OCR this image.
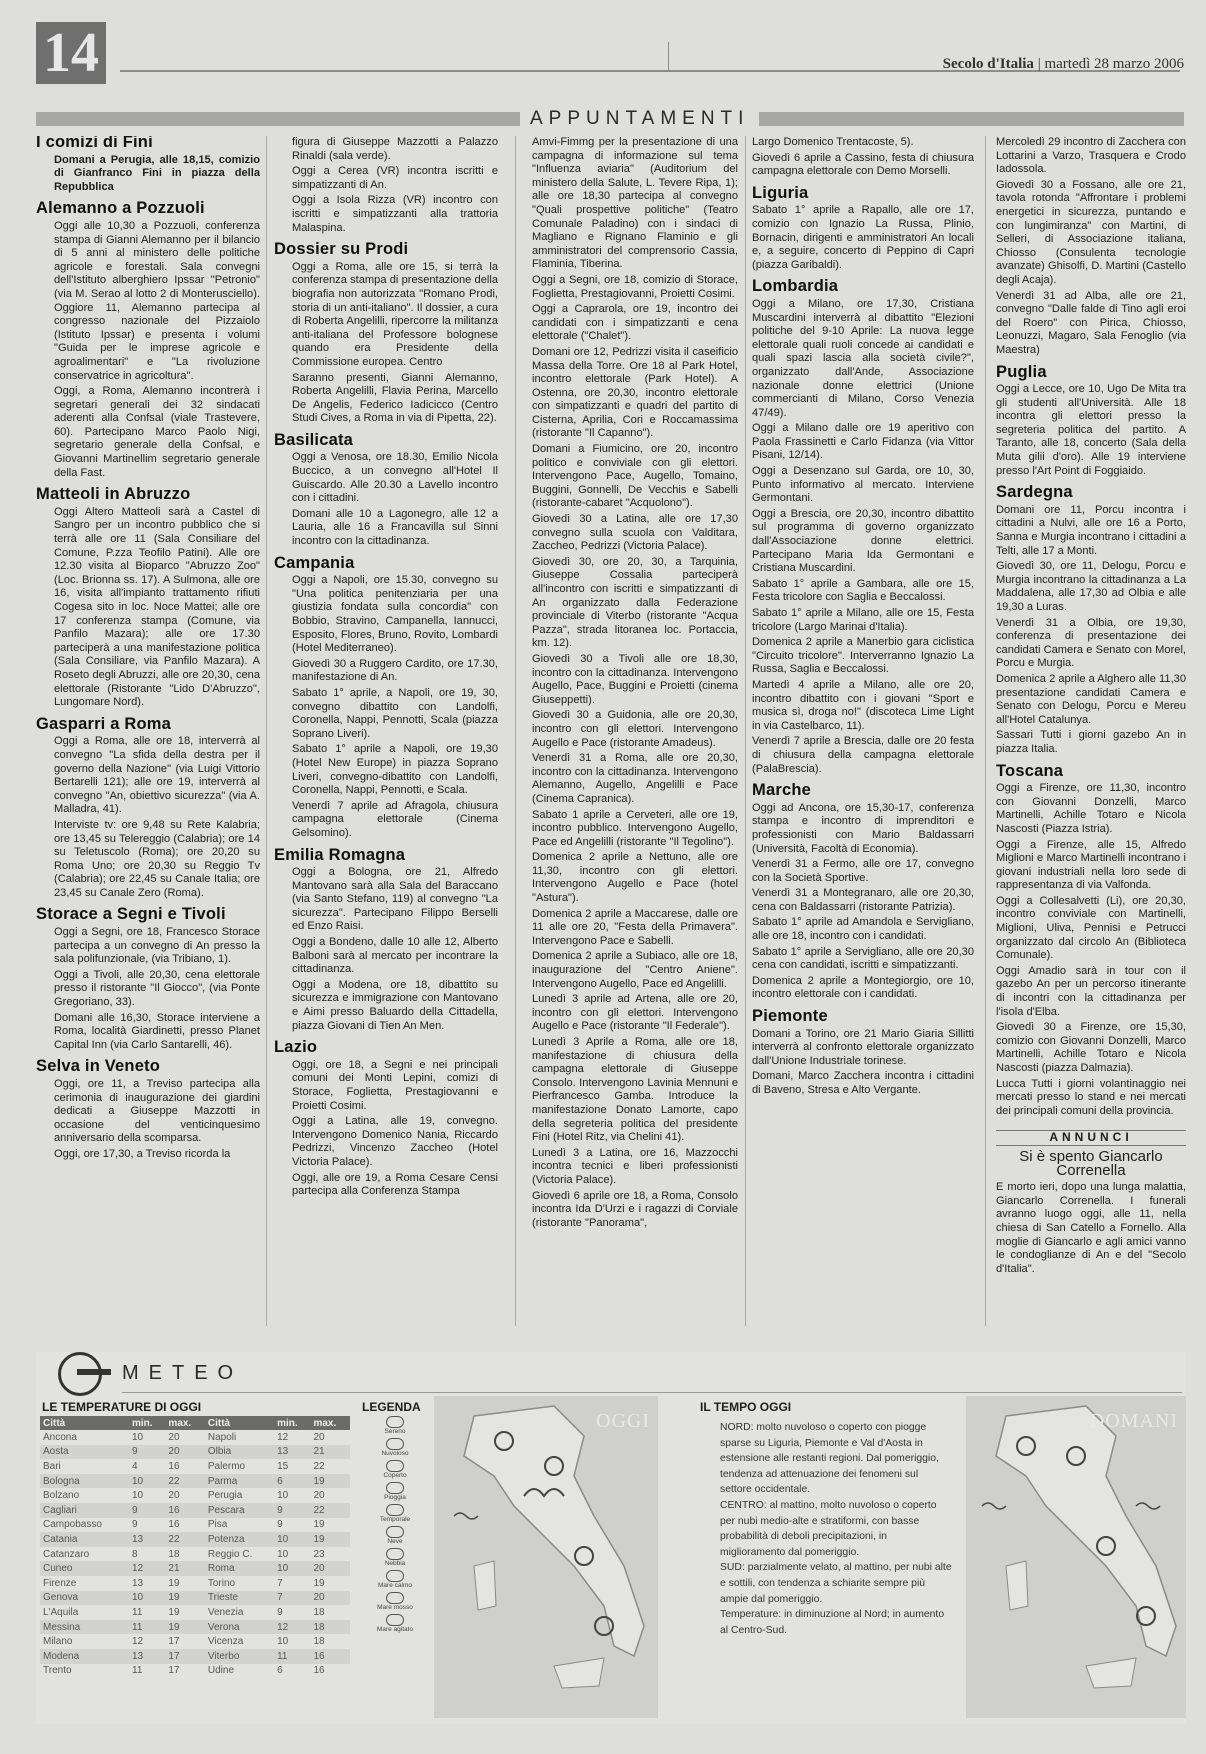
14	Secolo d'Italia | martedì 28 marzo 2006
APPUNTAMENTI
I comizi di Fini

Domani a Perugia, alle 18,15, comizio di Gianfranco Fini in piazza della Repubblica

Alemanno a Pozzuoli

Oggi alle 10,30 a Pozzuoli, conferenza stampa di Gianni Alemanno per il bilancio di 5 anni al ministero delle politiche agricole e forestali. Sala convegni dell'Istituto alberghiero Ipssar "Petronio" (via M. Serao al lotto 2 di Monterusciello). Oggiore 11, Alemanno partecipa al congresso nazionale del Pizzaiolo (Istituto Ipssar) e presenta i volumi "Guida per le imprese agricole e agroalimentari" e "La rivoluzione conservatrice in agricoltura".

Oggi, a Roma, Alemanno incontrerà i segretari generali dei 32 sindacati aderenti alla Confsal (viale Trastevere, 60). Partecipano Marco Paolo Nigi, segretario generale della Confsal, e Giovanni Martinellim segretario generale della Fast.

Matteoli in Abruzzo

Oggi Altero Matteoli sarà a Castel di Sangro per un incontro pubblico che si terrà alle ore 11 (Sala Consiliare del Comune, P.zza Teofilo Patini). Alle ore 12.30 visita al Bioparco "Abruzzo Zoo" (Loc. Brionna ss. 17). A Sulmona, alle ore 16, visita all'impianto trattamento rifiuti Cogesa sito in loc. Noce Mattei; alle ore 17 conferenza stampa (Comune, via Panfilo Mazara); alle ore 17.30 parteciperà a una manifestazione politica (Sala Consiliare, via Panfilo Mazara). A Roseto degli Abruzzi, alle ore 20,30, cena elettorale (Ristorante "Lido D'Abruzzo", Lungomare Nord).

Gasparri a Roma

Oggi a Roma, alle ore 18, interverrà al convegno "La sfida della destra per il governo della Nazione" (via Luigi Vittorio Bertarelli 121); alle ore 19, interverrà al convegno "An, obiettivo sicurezza" (via A. Malladra, 41).

Interviste tv: ore 9,48 su Rete Kalabria; ore 13,45 su Telereggio (Calabria); ore 14 su Teletuscolo (Roma); ore 20,20 su Roma Uno; ore 20,30 su Reggio Tv (Calabria); ore 22,45 su Canale Italia; ore 23,45 su Canale Zero (Roma).

Storace a Segni e Tivoli

Oggi a Segni, ore 18, Francesco Storace partecipa a un convegno di An presso la sala polifunzionale, (via Tribiano, 1).

Oggi a Tivoli, alle 20,30, cena elettorale presso il ristorante "Il Giocco", (via Ponte Gregoriano, 33).

Domani alle 16,30, Storace interviene a Roma, località Giardinetti, presso Planet Capital Inn (via Carlo Santarelli, 46).

Selva in Veneto

Oggi, ore 11, a Treviso partecipa alla cerimonia di inaugurazione dei giardini dedicati a Giuseppe Mazzotti in occasione del venticinquesimo anniversario della scomparsa.

Oggi, ore 17,30, a Treviso ricorda la

figura di Giuseppe Mazzotti a Palazzo Rinaldi (sala verde).

Oggi a Cerea (VR) incontra iscritti e simpatizzanti di An.

Oggi a Isola Rizza (VR) incontro con iscritti e simpatizzanti alla trattoria Malaspina.

Dossier su Prodi

Oggi a Roma, alle ore 15, si terrà la conferenza stampa di presentazione della biografia non autorizzata "Romano Prodi, storia di un anti-italiano". Il dossier, a cura di Roberta Angelilli, ripercorre la militanza anti-italiana del Professore bolognese quando era Presidente della Commissione europea. Centro

Saranno presenti, Gianni Alemanno, Roberta Angelilli, Flavia Perina, Marcello De Angelis, Federico Iadicicco (Centro Studi Cives, a Roma in via di Pipetta, 22).

Basilicata

Oggi a Venosa, ore 18.30, Emilio Nicola Buccico, a un convegno all'Hotel Il Guiscardo. Alle 20.30 a Lavello incontro con i cittadini.

Domani alle 10 a Lagonegro, alle 12 a Lauria, alle 16 a Francavilla sul Sinni incontro con la cittadinanza.

Campania

Oggi a Napoli, ore 15.30, convegno su "Una politica penitenziaria per una giustizia fondata sulla concordia" con Bobbio, Stravino, Campanella, Iannucci, Esposito, Flores, Bruno, Rovito, Lombardi (Hotel Mediterraneo).

Giovedì 30 a Ruggero Cardito, ore 17.30, manifestazione di An.

Sabato 1° aprile, a Napoli, ore 19, 30, convegno dibattito con Landolfi, Coronella, Nappi, Pennotti, Scala (piazza Soprano Liveri).

Sabato 1° aprile a Napoli, ore 19,30 (Hotel New Europe) in piazza Soprano Liveri, convegno-dibattito con Landolfi, Coronella, Nappi, Pennotti, e Scala.

Venerdì 7 aprile ad Afragola, chiusura campagna elettorale (Cinema Gelsomino).

Emilia Romagna

Oggi a Bologna, ore 21, Alfredo Mantovano sarà alla Sala del Baraccano (via Santo Stefano, 119) al convegno "La sicurezza". Partecipano Filippo Berselli ed Enzo Raisi.

Oggi a Bondeno, dalle 10 alle 12, Alberto Balboni sarà al mercato per incontrare la cittadinanza.

Oggi a Modena, ore 18, dibattito su sicurezza e immigrazione con Mantovano e Aimi presso Baluardo della Cittadella, piazza Giovani di Tien An Men.

Lazio

Oggi, ore 18, a Segni e nei principali comuni dei Monti Lepini, comizi di Storace, Foglietta, Prestagiovanni e Proietti Cosimi.

Oggi a Latina, alle 19, convegno. Intervengono Domenico Nania, Riccardo Pedrizzi, Vincenzo Zaccheo (Hotel Victoria Palace).

Oggi, alle ore 19, a Roma Cesare Censi partecipa alla Conferenza Stampa

Amvi-Fimmg per la presentazione di una campagna di informazione sul tema "Influenza aviaria" (Auditorium del ministero della Salute, L. Tevere Ripa, 1); alle ore 18,30 partecipa al convegno "Quali prospettive politiche" (Teatro Comunale Paladino) con i sindaci di Magliano e Rignano Flaminio e gli amministratori del comprensorio Cassia, Flaminia, Tiberina.

Oggi a Segni, ore 18, comizio di Storace, Foglietta, Prestagiovanni, Proietti Cosimi.

Oggi a Caprarola, ore 19, incontro dei candidati con i simpatizzanti e cena elettorale ("Chalet").

Domani ore 12, Pedrizzi visita il caseificio Massa della Torre. Ore 18 al Park Hotel, incontro elettorale (Park Hotel). A Ostenna, ore 20,30, incontro elettorale con simpatizzanti e quadri del partito di Cisterna, Aprilia, Cori e Roccamassima (ristorante "Il Capanno").

Domani a Fiumicino, ore 20, incontro politico e conviviale con gli elettori. Intervengono Pace, Augello, Tomaino, Buggini, Gonnelli, De Vecchis e Sabelli (ristorante-cabaret "Acquolono").

Giovedì 30 a Latina, alle ore 17,30 convegno sulla scuola con Valditara, Zaccheo, Pedrizzi (Victoria Palace).

Giovedì 30, ore 20, 30, a Tarquinia, Giuseppe Cossalia parteciperà all'incontro con iscritti e simpatizzanti di An organizzato dalla Federazione provinciale di Viterbo (ristorante "Acqua Pazza", strada litoranea loc. Portaccia, km. 12).

Giovedì 30 a Tivoli alle ore 18,30, incontro con la cittadinanza. Intervengono Augello, Pace, Buggini e Proietti (cinema Giuseppetti).

Giovedì 30 a Guidonia, alle ore 20,30, incontro con gli elettori. Intervengono Augello e Pace (ristorante Amadeus).

Venerdì 31 a Roma, alle ore 20,30, incontro con la cittadinanza. Intervengono Alemanno, Augello, Angelilli e Pace (Cinema Capranica).

Sabato 1 aprile a Cerveteri, alle ore 19, incontro pubblico. Intervengono Augello, Pace ed Angelilli (ristorante "Il Tegolino").

Domenica 2 aprile a Nettuno, alle ore 11,30, incontro con gli elettori. Intervengono Augello e Pace (hotel "Astura").

Domenica 2 aprile a Maccarese, dalle ore 11 alle ore 20, "Festa della Primavera". Intervengono Pace e Sabelli.

Domenica 2 aprile a Subiaco, alle ore 18, inaugurazione del "Centro Aniene". Intervengono Augello, Pace ed Angelilli.

Lunedì 3 aprile ad Artena, alle ore 20, incontro con gli elettori. Intervengono Augello e Pace (ristorante "Il Federale").

Lunedì 3 Aprile a Roma, alle ore 18, manifestazione di chiusura della campagna elettorale di Giuseppe Consolo. Intervengono Lavinia Mennuni e Pierfrancesco Gamba. Introduce la manifestazione Donato Lamorte, capo della segreteria politica del presidente Fini (Hotel Ritz, via Chelini 41).

Lunedì 3 a Latina, ore 16, Mazzocchi incontra tecnici e liberi professionisti (Victoria Palace).

Giovedì 6 aprile ore 18, a Roma, Consolo incontra Ida D'Urzi e i ragazzi di Corviale (ristorante "Panorama",

Largo Domenico Trentacoste, 5).

Giovedì 6 aprile a Cassino, festa di chiusura campagna elettorale con Demo Morselli.

Liguria

Sabato 1° aprile a Rapallo, alle ore 17, comizio con Ignazio La Russa, Plinio, Bornacin, dirigenti e amministratori An locali e, a seguire, concerto di Peppino di Capri (piazza Garibaldi).

Lombardia

Oggi a Milano, ore 17,30, Cristiana Muscardini interverrà al dibattito "Elezioni politiche del 9-10 Aprile: La nuova legge elettorale quali ruoli concede ai candidati e quali spazi lascia alla società civile?", organizzato dall'Ande, Associazione nazionale donne elettrici (Unione commercianti di Milano, Corso Venezia 47/49).

Oggi a Milano dalle ore 19 aperitivo con Paola Frassinetti e Carlo Fidanza (via Vittor Pisani, 12/14).

Oggi a Desenzano sul Garda, ore 10, 30, Punto informativo al mercato. Interviene Germontani.

Oggi a Brescia, ore 20,30, incontro dibattito sul programma di governo organizzato dall'Associazione donne elettrici. Partecipano Maria Ida Germontani e Cristiana Muscardini.

Sabato 1° aprile a Gambara, alle ore 15, Festa tricolore con Saglia e Beccalossi.

Sabato 1° aprile a Milano, alle ore 15, Festa tricolore (Largo Marinai d'Italia).

Domenica 2 aprile a Manerbio gara ciclistica "Circuito tricolore". Interverranno Ignazio La Russa, Saglia e Beccalossi.

Martedì 4 aprile a Milano, alle ore 20, incontro dibattito con i giovani "Sport e musica sì, droga no!" (discoteca Lime Light in via Castelbarco, 11).

Venerdì 7 aprile a Brescia, dalle ore 20 festa di chiusura della campagna elettorale (PalaBrescia).

Marche

Oggi ad Ancona, ore 15,30-17, conferenza stampa e incontro di imprenditori e professionisti con Mario Baldassarri (Università, Facoltà di Economia).

Venerdì 31 a Fermo, alle ore 17, convegno con la Società Sportive.

Venerdì 31 a Montegranaro, alle ore 20,30, cena con Baldassarri (ristorante Patrizia).

Sabato 1° aprile ad Amandola e Servigliano, alle ore 18, incontro con i candidati.

Sabato 1° aprile a Servigliano, alle ore 20,30 cena con candidati, iscritti e simpatizzanti.

Domenica 2 aprile a Montegiorgio, ore 10, incontro elettorale con i candidati.

Piemonte

Domani a Torino, ore 21 Mario Giaria Sillitti interverrà al confronto elettorale organizzato dall'Unione Industriale torinese.

Domani, Marco Zacchera incontra i cittadini di Baveno, Stresa e Alto Vergante.

Mercoledì 29 incontro di Zacchera con Lottarini a Varzo, Trasquera e Crodo Iadossola.

Giovedì 30 a Fossano, alle ore 21, tavola rotonda "Affrontare i problemi energetici in sicurezza, puntando e con lungimiranza" con Martini, di Selleri, di Associazione italiana, Chiosso (Consulenta tecnologie avanzate) Ghisolfi, D. Martini (Castello degli Acaja).

Venerdì 31 ad Alba, alle ore 21, convegno "Dalle falde di Tino agli eroi del Roero" con Pirica, Chiosso, Leonuzzi, Magaro, Sala Fenoglio (via Maestra)

Puglia

Oggi a Lecce, ore 10, Ugo De Mita tra gli studenti all'Università. Alle 18 incontra gli elettori presso la segreteria politica del partito. A Taranto, alle 18, concerto (Sala della Muta gilii d'oro). Alle 19 interviene presso l'Art Point di Foggiaido.

Sardegna

Domani ore 11, Porcu incontra i cittadini a Nulvi, alle ore 16 a Porto, Sanna e Murgia incontrano i cittadini a Telti, alle 17 a Monti.

Giovedì 30, ore 11, Delogu, Porcu e Murgia incontrano la cittadinanza a La Maddalena, alle 17,30 ad Olbia e alle 19,30 a Luras.

Venerdì 31 a Olbia, ore 19,30, conferenza di presentazione dei candidati Camera e Senato con Morel, Porcu e Murgia.

Domenica 2 aprile a Alghero alle 11,30 presentazione candidati Camera e Senato con Delogu, Porcu e Mereu all'Hotel Catalunya.

Sassari Tutti i giorni gazebo An in piazza Italia.

Toscana

Oggi a Firenze, ore 11,30, incontro con Giovanni Donzelli, Marco Martinelli, Achille Totaro e Nicola Nascosti (Piazza Istria).

Oggi a Firenze, alle 15, Alfredo Miglioni e Marco Martinelli incontrano i giovani industriali nella loro sede di rappresentanza di via Valfonda.

Oggi a Collesalvetti (Li), ore 20,30, incontro conviviale con Martinelli, Miglioni, Uliva, Pennisi e Petrucci organizzato dal circolo An (Biblioteca Comunale).

Oggi Amadio sarà in tour con il gazebo An per un percorso itinerante di incontri con la cittadinanza per l'isola d'Elba.

Giovedì 30 a Firenze, ore 15,30, comizio con Giovanni Donzelli, Marco Martinelli, Achille Totaro e Nicola Nascosti (piazza Dalmazia).

Lucca Tutti i giorni volantinaggio nei mercati presso lo stand e nei mercati dei principali comuni della provincia.

ANNUNCI
Si è spento Giancarlo Correnella

E morto ieri, dopo una lunga malattia, Giancarlo Correnella. I funerali avranno luogo oggi, alle 11, nella chiesa di San Catello a Fornello. Alla moglie di Giancarlo e agli amici vanno le condoglianze di An e del "Secolo d'Italia".

METEO
LE TEMPERATURE DI OGGI
Città	min.	max.	Città	min.	max.
Ancona	10	20	Napoli	12	20
Aosta	9	20	Olbia	13	21
Bari	4	16	Palermo	15	22
Bologna	10	22	Parma	6	19
Bolzano	10	20	Perugia	10	20
Cagliari	9	16	Pescara	9	22
Campobasso	9	16	Pisa	9	19
Catania	13	22	Potenza	10	19
Catanzaro	8	18	Reggio C.	10	23
Cuneo	12	21	Roma	10	20
Firenze	13	19	Torino	7	19
Genova	10	19	Trieste	7	20
L'Aquila	11	19	Venezia	9	18
Messina	11	19	Verona	12	18
Milano	12	17	Vicenza	10	18
Modena	13	17	Viterbo	11	16
Trento	11	17	Udine	6	16
LEGENDA
Sereno
Nuvoloso
Coperto
Pioggia
Temporale
Neve
Nebbia
Mare calmo
Mare mosso
Mare agitato
OGGI
IL TEMPO OGGI

NORD: molto nuvoloso o coperto con piogge sparse su Liguria, Piemonte e Val d'Aosta in estensione alle restanti regioni. Dal pomeriggio, tendenza ad attenuazione dei fenomeni sul settore occidentale.

CENTRO: al mattino, molto nuvoloso o coperto per nubi medio-alte e stratiformi, con basse probabilità di deboli precipitazioni, in miglioramento dal pomeriggio.

SUD: parzialmente velato, al mattino, per nubi alte e sottili, con tendenza a schiarite sempre più ampie dal pomeriggio.

Temperature: in diminuzione al Nord; in aumento al Centro-Sud.

DOMANI
